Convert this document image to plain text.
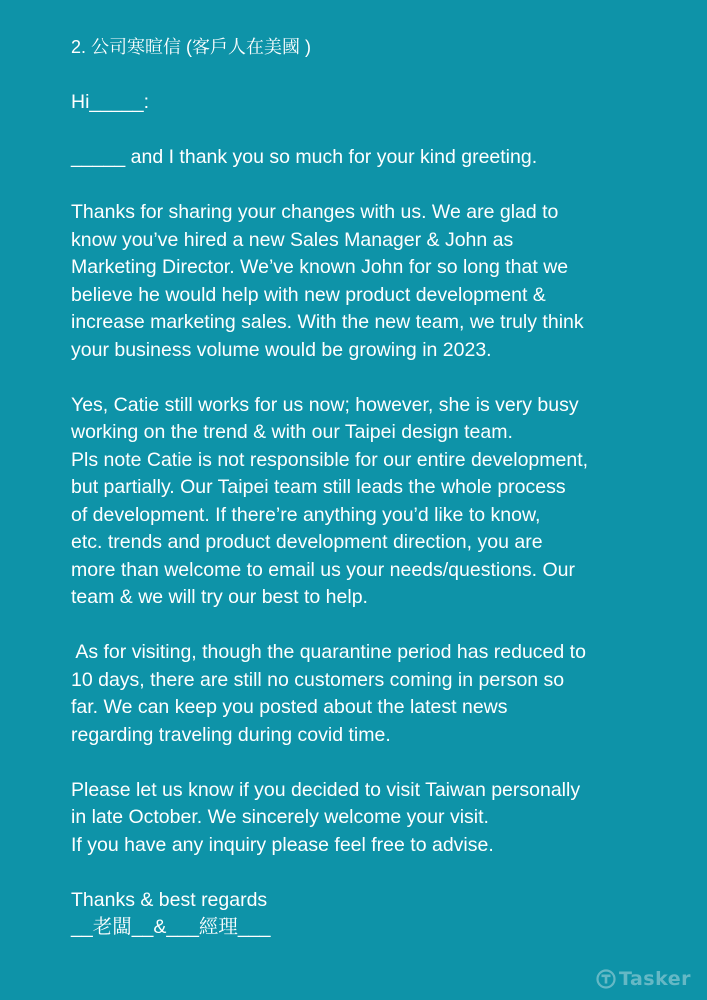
2. 公司寒暄信 (客戶人在美國 )

Hi_____:

_____ and I thank you so much for your kind greeting.

Thanks for sharing your changes with us. We are glad to

know you’ve hired a new Sales Manager & John as

Marketing Director. We’ve known John for so long that we

believe he would help with new product development &

increase marketing sales. With the new team, we truly think

your business volume would be growing in 2023.

Yes, Catie still works for us now; however, she is very busy

working on the trend & with our Taipei design team.

Pls note Catie is not responsible for our entire development,

but partially. Our Taipei team still leads the whole process

of development. If there’re anything you’d like to know,

etc. trends and product development direction, you are

more than welcome to email us your needs/questions. Our

team & we will try our best to help.

As for visiting, though the quarantine period has reduced to

10 days, there are still no customers coming in person so

far. We can keep you posted about the latest news

regarding traveling during covid time.

Please let us know if you decided to visit Taiwan personally

in late October. We sincerely welcome your visit.

If you have any inquiry please feel free to advise.

Thanks & best regards

__老闆__&___經理___

Tasker
